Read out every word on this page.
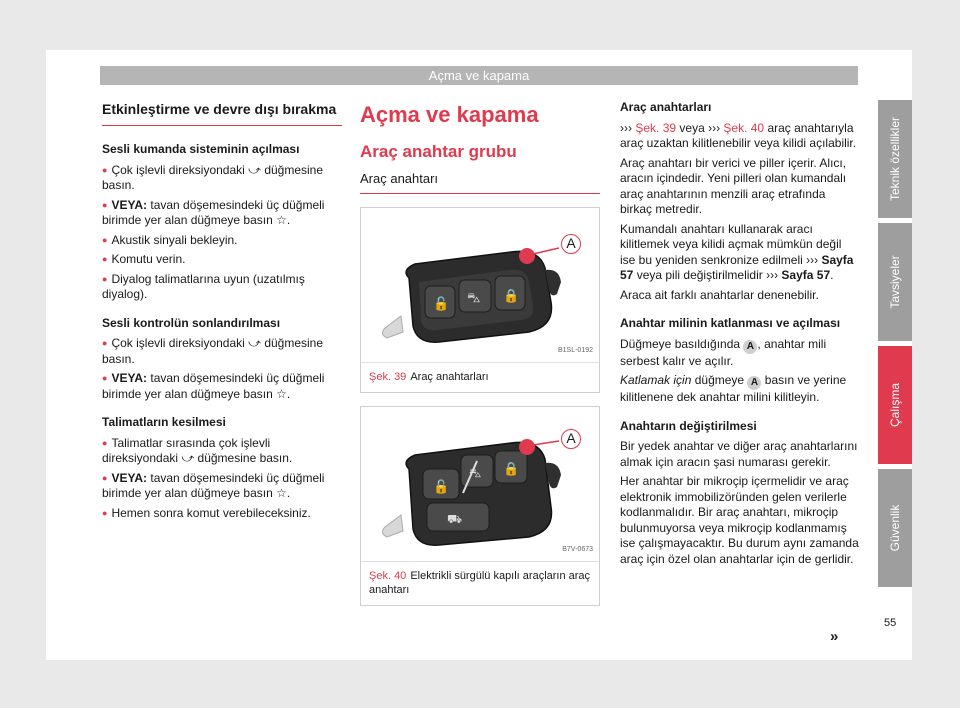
Açma ve kapama
Etkinleştirme ve devre dışı bırakma
Sesli kumanda sisteminin açılması

● Çok işlevli direksiyondaki ⤻ düğmesine basın.

● VEYA: tavan döşemesindeki üç düğmeli birimde yer alan düğmeye basın ☆.

● Akustik sinyali bekleyin.

● Komutu verin.

● Diyalog talimatlarına uyun (uzatılmış diyalog).

Sesli kontrolün sonlandırılması

● Çok işlevli direksiyondaki ⤻ düğmesine basın.

● VEYA: tavan döşemesindeki üç düğmeli birimde yer alan düğmeye basın ☆.

Talimatların kesilmesi

● Talimatlar sırasında çok işlevli direksiyondaki ⤻ düğmesine basın.

● VEYA: tavan döşemesindeki üç düğmeli birimde yer alan düğmeye basın ☆.

● Hemen sonra komut verebileceksiniz.

Açma ve kapama
Araç anahtar grubu
Araç anahtarı
🔓 ⛍ 🔒
A
B1SL-0192
Şek. 39 Araç anahtarları
🔓
⛍ 🔒
⛟
A
B7V-0673
Şek. 40 Elektrikli sürgülü kapılı araçların araç anahtarı
Araç anahtarları

››› Şek. 39 veya ››› Şek. 40 araç anahtarıyla araç uzaktan kilitlenebilir veya kilidi açılabilir.

Araç anahtarı bir verici ve piller içerir. Alıcı, aracın içindedir. Yeni pilleri olan kumandalı araç anahtarının menzili araç etrafında birkaç metredir.

Kumandalı anahtarı kullanarak aracı kilitlemek veya kilidi açmak mümkün değil ise bu yeniden senkronize edilmeli ››› Sayfa 57 veya pili değiştirilmelidir ››› Sayfa 57.

Araca ait farklı anahtarlar denenebilir.

Anahtar milinin katlanması ve açılması

Düğmeye basıldığında A , anahtar mili serbest kalır ve açılır.

Katlamak için düğmeye A basın ve yerine kilitlenene dek anahtar milini kilitleyin.

Anahtarın değiştirilmesi

Bir yedek anahtar ve diğer araç anahtarlarını almak için aracın şasi numarası gerekir.

Her anahtar bir mikroçip içermelidir ve araç elektronik immobilizöründen gelen verilerle kodlanmalıdır. Bir araç anahtarı, mikroçip bulunmuyorsa veya mikroçip kodlanmamış ise çalışmayacaktır. Bu durum aynı zamanda araç için özel olan anahtarlar için de gerlidir.

Teknik özellikler
Tavsiyeler
Çalışma
Güvenlik
»
55
